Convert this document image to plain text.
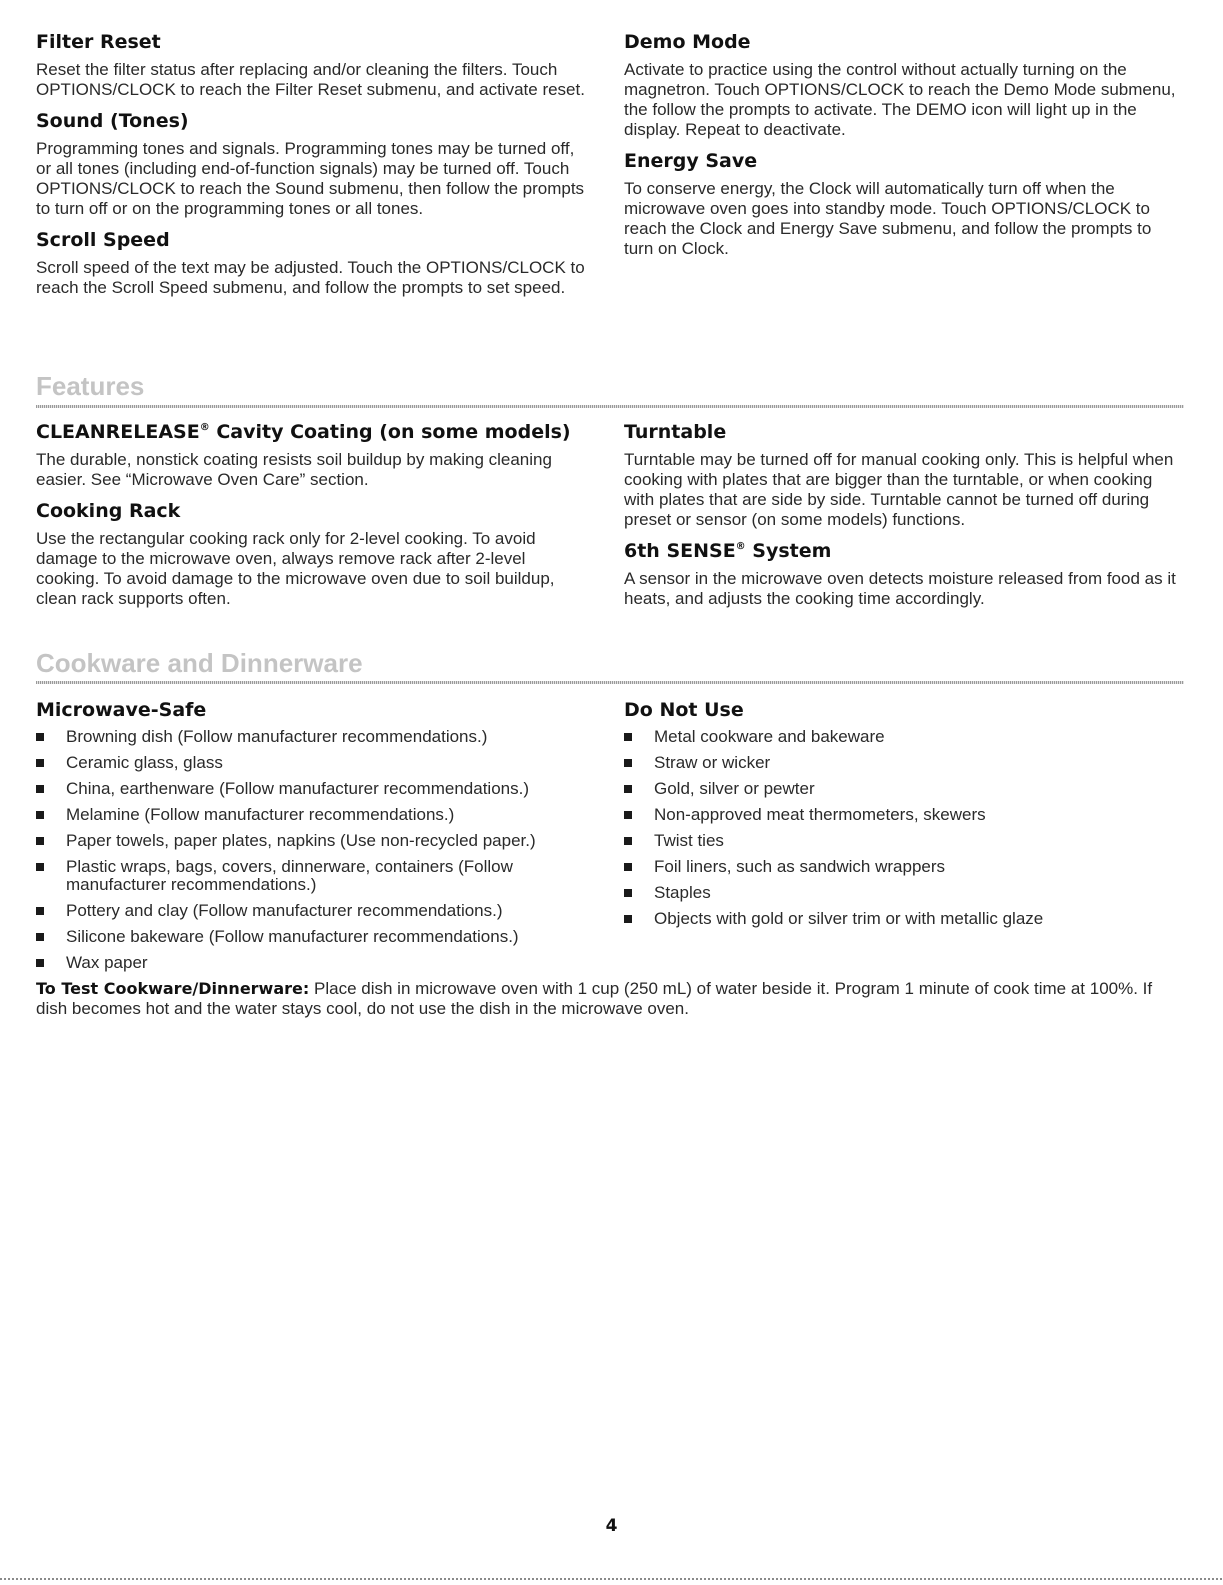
Filter Reset

Reset the filter status after replacing and/or cleaning the filters. Touch OPTIONS/CLOCK to reach the Filter Reset submenu, and activate reset.

Sound (Tones)

Programming tones and signals. Programming tones may be turned off, or all tones (including end-of-function signals) may be turned off. Touch OPTIONS/CLOCK to reach the Sound submenu, then follow the prompts to turn off or on the programming tones or all tones.

Scroll Speed

Scroll speed of the text may be adjusted. Touch the OPTIONS/CLOCK to reach the Scroll Speed submenu, and follow the prompts to set speed.

Demo Mode

Activate to practice using the control without actually turning on the magnetron. Touch OPTIONS/CLOCK to reach the Demo Mode submenu, the follow the prompts to activate. The DEMO icon will light up in the display. Repeat to deactivate.

Energy Save

To conserve energy, the Clock will automatically turn off when the microwave oven goes into standby mode. Touch OPTIONS/CLOCK to reach the Clock and Energy Save submenu, and follow the prompts to turn on Clock.

Features
CLEANRELEASE® Cavity Coating (on some models)

The durable, nonstick coating resists soil buildup by making cleaning easier. See “Microwave Oven Care” section.

Cooking Rack

Use the rectangular cooking rack only for 2-level cooking. To avoid damage to the microwave oven, always remove rack after 2-level cooking. To avoid damage to the microwave oven due to soil buildup, clean rack supports often.

Turntable

Turntable may be turned off for manual cooking only. This is helpful when cooking with plates that are bigger than the turntable, or when cooking with plates that are side by side. Turntable cannot be turned off during preset or sensor (on some models) functions.

6th SENSE® System

A sensor in the microwave oven detects moisture released from food as it heats, and adjusts the cooking time accordingly.

Cookware and Dinnerware
Microwave-Safe
Browning dish (Follow manufacturer recommendations.)
Ceramic glass, glass
China, earthenware (Follow manufacturer recommendations.)
Melamine (Follow manufacturer recommendations.)
Paper towels, paper plates, napkins (Use non-recycled paper.)
Plastic wraps, bags, covers, dinnerware, containers (Follow manufacturer recommendations.)
Pottery and clay (Follow manufacturer recommendations.)
Silicone bakeware (Follow manufacturer recommendations.)
Wax paper
Do Not Use
Metal cookware and bakeware
Straw or wicker
Gold, silver or pewter
Non-approved meat thermometers, skewers
Twist ties
Foil liners, such as sandwich wrappers
Staples
Objects with gold or silver trim or with metallic glaze

To Test Cookware/Dinnerware: Place dish in microwave oven with 1 cup (250 mL) of water beside it. Program 1 minute of cook time at 100%. If dish becomes hot and the water stays cool, do not use the dish in the microwave oven.

4
